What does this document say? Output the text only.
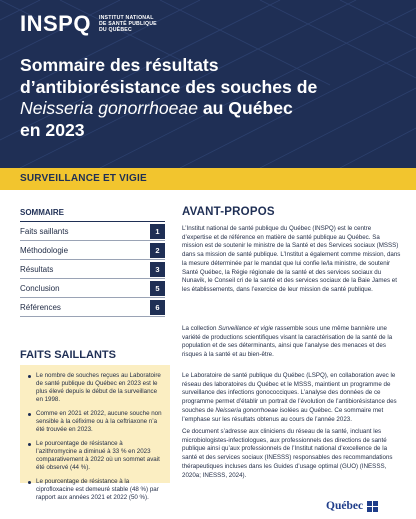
INSPQ INSTITUT NATIONAL
DE SANTÉ PUBLIQUE
DU QUÉBEC
Sommaire des résultats
d’antibiorésistance des souches de
Neisseria gonorrhoeae au Québec
en 2023
SURVEILLANCE ET VIGIE
SOMMAIRE
Faits saillants	1
Méthodologie	2
Résultats	3
Conclusion	5
Références	6
FAITS SAILLANTS
Le nombre de souches reçues au Laboratoire de santé publique du Québec en 2023 est le plus élevé depuis le début de la surveillance en 1998.
Comme en 2021 et 2022, aucune souche non sensible à la céfixime ou à la ceftriaxone n’a été trouvée en 2023.
Le pourcentage de résistance à l’azithromycine a diminué à 33 % en 2023 comparativement à 2022 où un sommet avait été observé (44 %).
Le pourcentage de résistance à la ciprofloxacine est demeuré stable (48 %) par rapport aux années 2021 et 2022 (50 %).
AVANT-PROPOS

L’Institut national de santé publique du Québec (INSPQ) est le centre d’expertise et de référence en matière de santé publique au Québec. Sa mission est de soutenir le ministre de la Santé et des Services sociaux (MSSS) dans sa mission de santé publique. L’Institut a également comme mission, dans la mesure déterminée par le mandat que lui confie le/la ministre, de soutenir Santé Québec, la Régie régionale de la santé et des services sociaux du Nunavik, le Conseil cri de la santé et des services sociaux de la Baie James et les établissements, dans l’exercice de leur mission de santé publique.

La collection Surveillance et vigie rassemble sous une même bannière une variété de productions scientifiques visant la caractérisation de la santé de la population et de ses déterminants, ainsi que l’analyse des menaces et des risques à la santé et au bien-être.

Le Laboratoire de santé publique du Québec (LSPQ), en collaboration avec le réseau des laboratoires du Québec et le MSSS, maintient un programme de surveillance des infections gonococciques. L’analyse des données de ce programme permet d’établir un portrait de l’évolution de l’antibiorésistance des souches de Neisseria gonorrhoeae isolées au Québec. Ce sommaire met l’emphase sur les résultats obtenus au cours de l’année 2023.

Ce document s’adresse aux cliniciens du réseau de la santé, incluant les microbiologistes-infectiologues, aux professionnels des directions de santé publique ainsi qu’aux professionnels de l’Institut national d’excellence de la santé et des services sociaux (INESSS) responsables des recommandations thérapeutiques incluses dans les Guides d’usage optimal (GUO) (INESSS, 2020a; INESSS, 2024).

Québec
